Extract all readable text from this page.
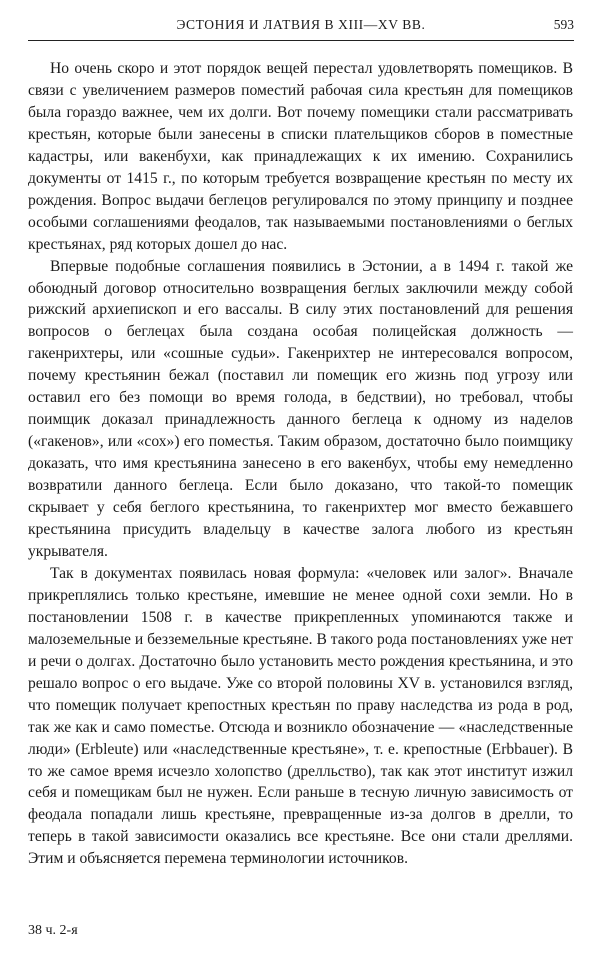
ЭСТОНИЯ И ЛАТВИЯ В XIII—XV ВВ.	593

Но очень скоро и этот порядок вещей перестал удовлетворять помещиков. В связи с увеличением размеров поместий рабочая сила крестьян для помещиков была гораздо важнее, чем их долги. Вот почему помещики стали рассматривать крестьян, которые были занесены в списки плательщиков сборов в поместные кадастры, или вакенбухи, как принадлежащих к их имению. Сохранились документы от 1415 г., по которым требуется возвращение крестьян по месту их рождения. Вопрос выдачи беглецов регулировался по этому принципу и позднее особыми соглашениями феодалов, так называемыми постановлениями о беглых крестьянах, ряд которых дошел до нас.

Впервые подобные соглашения появились в Эстонии, а в 1494 г. такой же обоюдный договор относительно возвращения беглых заключили между собой рижский архиепископ и его вассалы. В силу этих постановлений для решения вопросов о беглецах была создана особая полицейская должность — гакенрихтеры, или «сошные судьи». Гакенрихтер не интересовался вопросом, почему крестьянин бежал (поставил ли помещик его жизнь под угрозу или оставил его без помощи во время голода, в бедствии), но требовал, чтобы поимщик доказал принадлежность данного беглеца к одному из наделов («гакенов», или «сох») его поместья. Таким образом, достаточно было поимщику доказать, что имя крестьянина занесено в его вакенбух, чтобы ему немедленно возвратили данного беглеца. Если было доказано, что такой-то помещик скрывает у себя беглого крестьянина, то гакенрихтер мог вместо бежавшего крестьянина присудить владельцу в качестве залога любого из крестьян укрывателя.

Так в документах появилась новая формула: «человек или залог». Вначале прикреплялись только крестьяне, имевшие не менее одной сохи земли. Но в постановлении 1508 г. в качестве прикрепленных упоминаются также и малоземельные и безземельные крестьяне. В такого рода постановлениях уже нет и речи о долгах. Достаточно было установить место рождения крестьянина, и это решало вопрос о его выдаче. Уже со второй половины XV в. установился взгляд, что помещик получает крепостных крестьян по праву наследства из рода в род, так же как и само поместье. Отсюда и возникло обозначение — «наследственные люди» (Erbleute) или «наследственные крестьяне», т. е. крепостные (Erbbauer). В то же самое время исчезло холопство (дрелльство), так как этот институт изжил себя и помещикам был не нужен. Если раньше в тесную личную зависимость от феодала попадали лишь крестьяне, превращенные из-за долгов в дрелли, то теперь в такой зависимости оказались все крестьяне. Все они стали дреллями. Этим и объясняется перемена терминологии источников.

38 ч. 2-я
